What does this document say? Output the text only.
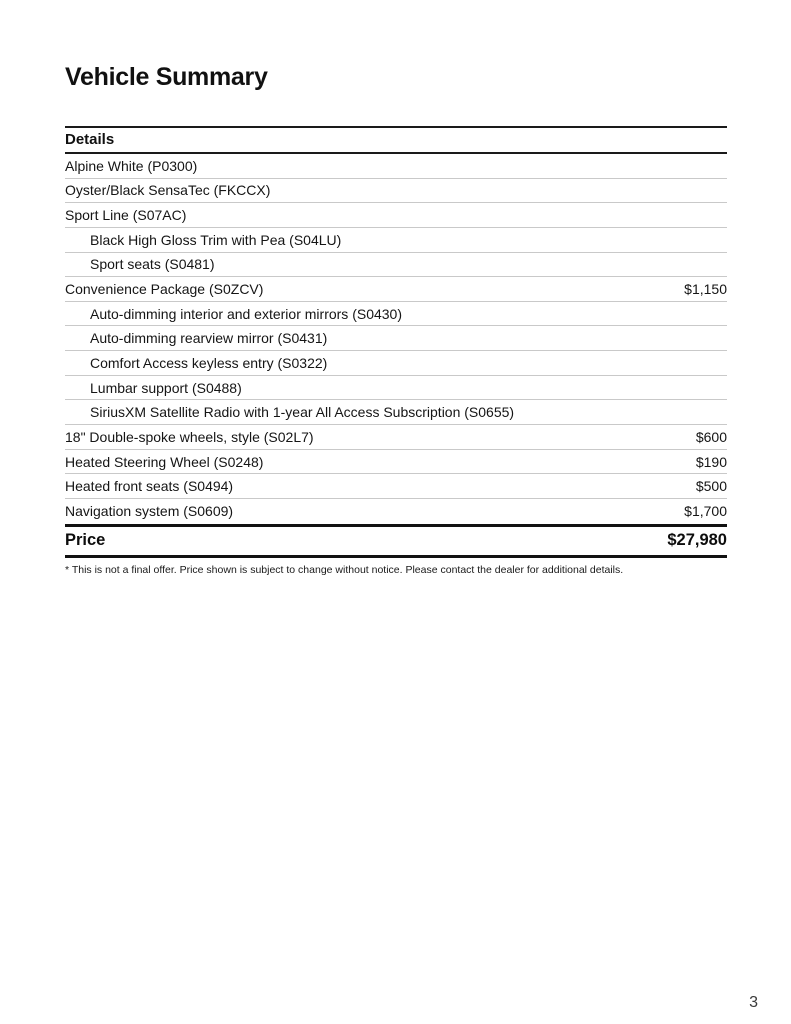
Vehicle Summary
Details
Alpine White (P0300)
Oyster/Black SensaTec (FKCCX)
Sport Line (S07AC)
Black High Gloss Trim with Pea (S04LU)
Sport seats (S0481)
Convenience Package (S0ZCV)	$1,150
Auto-dimming interior and exterior mirrors (S0430)
Auto-dimming rearview mirror (S0431)
Comfort Access keyless entry (S0322)
Lumbar support (S0488)
SiriusXM Satellite Radio with 1-year All Access Subscription (S0655)
18" Double-spoke wheels, style (S02L7)	$600
Heated Steering Wheel (S0248)	$190
Heated front seats (S0494)	$500
Navigation system (S0609)	$1,700
Price	$27,980
* This is not a final offer. Price shown is subject to change without notice. Please contact the dealer for additional details.
3
